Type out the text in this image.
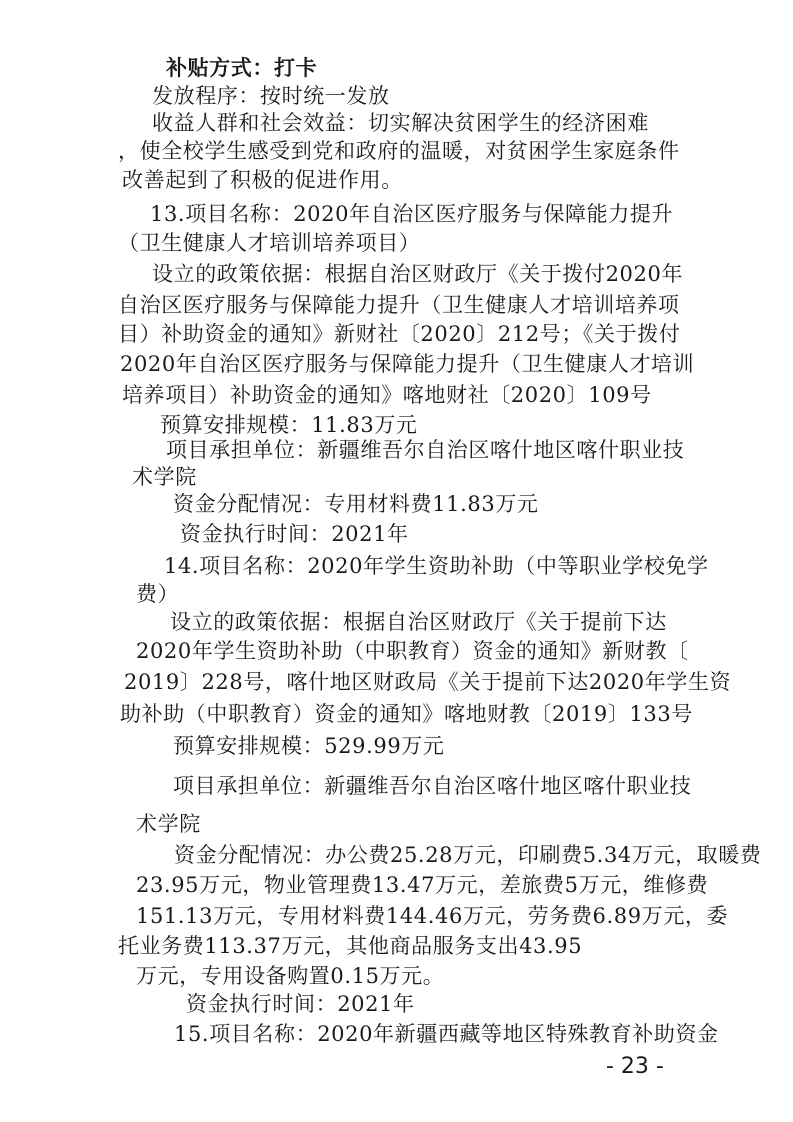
补贴方式：打卡
发放程序：按时统一发放
收益人群和社会效益：切实解决贫困学生的经济困难
，使全校学生感受到党和政府的温暖，对贫困学生家庭条件
改善起到了积极的促进作用。
13.项目名称：2020年自治区医疗服务与保障能力提升
（卫生健康人才培训培养项目）
设立的政策依据：根据自治区财政厅《关于拨付2020年
自治区医疗服务与保障能力提升（卫生健康人才培训培养项
目）补助资金的通知》新财社〔2020〕212号；《关于拨付
2020年自治区医疗服务与保障能力提升（卫生健康人才培训
培养项目）补助资金的通知》喀地财社〔2020〕109号
预算安排规模：11.83万元
项目承担单位：新疆维吾尔自治区喀什地区喀什职业技
术学院
资金分配情况：专用材料费11.83万元
资金执行时间：2021年
14.项目名称：2020年学生资助补助（中等职业学校免学
费）
设立的政策依据：根据自治区财政厅《关于提前下达
2020年学生资助补助（中职教育）资金的通知》新财教〔
2019〕228号，喀什地区财政局《关于提前下达2020年学生资
助补助（中职教育）资金的通知》喀地财教〔2019〕133号
预算安排规模：529.99万元
项目承担单位：新疆维吾尔自治区喀什地区喀什职业技
术学院
资金分配情况：办公费25.28万元，印刷费5.34万元，取暖费
23.95万元，物业管理费13.47万元，差旅费5万元，维修费
151.13万元，专用材料费144.46万元，劳务费6.89万元，委
托业务费113.37万元，其他商品服务支出43.95
万元，专用设备购置0.15万元。
资金执行时间：2021年
15.项目名称：2020年新疆西藏等地区特殊教育补助资金
- 23 -
